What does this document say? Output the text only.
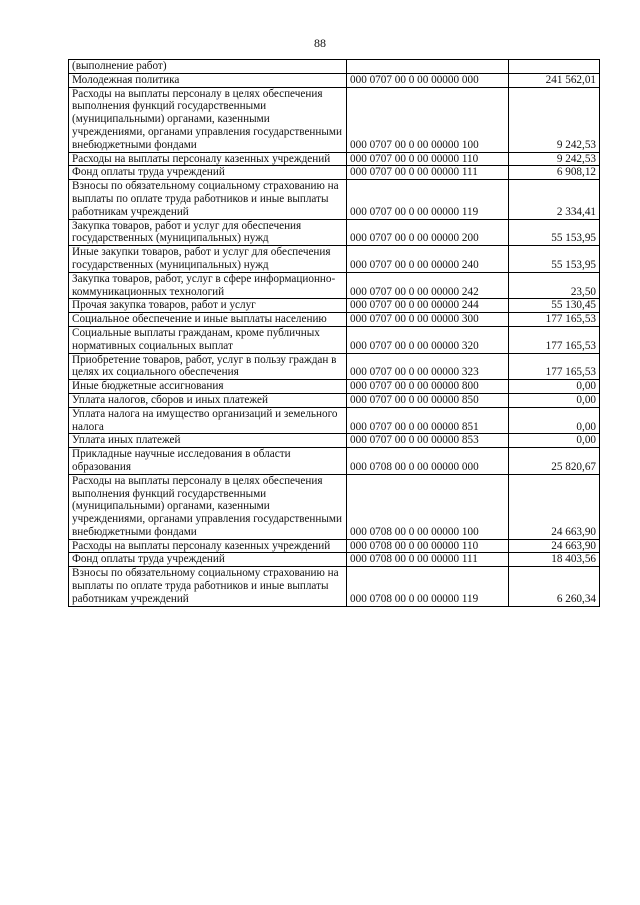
88
(выполнение работ)		
Молодежная политика	000 0707 00 0 00 00000 000	241 562,01
Расходы на выплаты персоналу в целях обеспечения выполнения функций государственными (муниципальными) органами, казенными учреждениями, органами управления государственными внебюджетными фондами	000 0707 00 0 00 00000 100	9 242,53
Расходы на выплаты персоналу казенных учреждений	000 0707 00 0 00 00000 110	9 242,53
Фонд оплаты труда учреждений	000 0707 00 0 00 00000 111	6 908,12
Взносы по обязательному социальному страхованию на выплаты по оплате труда работников и иные выплаты работникам учреждений	000 0707 00 0 00 00000 119	2 334,41
Закупка товаров, работ и услуг для обеспечения государственных (муниципальных) нужд	000 0707 00 0 00 00000 200	55 153,95
Иные закупки товаров, работ и услуг для обеспечения государственных (муниципальных) нужд	000 0707 00 0 00 00000 240	55 153,95
Закупка товаров, работ, услуг в сфере информационно-коммуникационных технологий	000 0707 00 0 00 00000 242	23,50
Прочая закупка товаров, работ и услуг	000 0707 00 0 00 00000 244	55 130,45
Социальное обеспечение и иные выплаты населению	000 0707 00 0 00 00000 300	177 165,53
Социальные выплаты гражданам, кроме публичных нормативных социальных выплат	000 0707 00 0 00 00000 320	177 165,53
Приобретение товаров, работ, услуг в пользу граждан в целях их социального обеспечения	000 0707 00 0 00 00000 323	177 165,53
Иные бюджетные ассигнования	000 0707 00 0 00 00000 800	0,00
Уплата налогов, сборов и иных платежей	000 0707 00 0 00 00000 850	0,00
Уплата налога на имущество организаций и земельного налога	000 0707 00 0 00 00000 851	0,00
Уплата иных платежей	000 0707 00 0 00 00000 853	0,00
Прикладные научные исследования в области образования	000 0708 00 0 00 00000 000	25 820,67
Расходы на выплаты персоналу в целях обеспечения выполнения функций государственными (муниципальными) органами, казенными учреждениями, органами управления государственными внебюджетными фондами	000 0708 00 0 00 00000 100	24 663,90
Расходы на выплаты персоналу казенных учреждений	000 0708 00 0 00 00000 110	24 663,90
Фонд оплаты труда учреждений	000 0708 00 0 00 00000 111	18 403,56
Взносы по обязательному социальному страхованию на выплаты по оплате труда работников и иные выплаты работникам учреждений	000 0708 00 0 00 00000 119	6 260,34
